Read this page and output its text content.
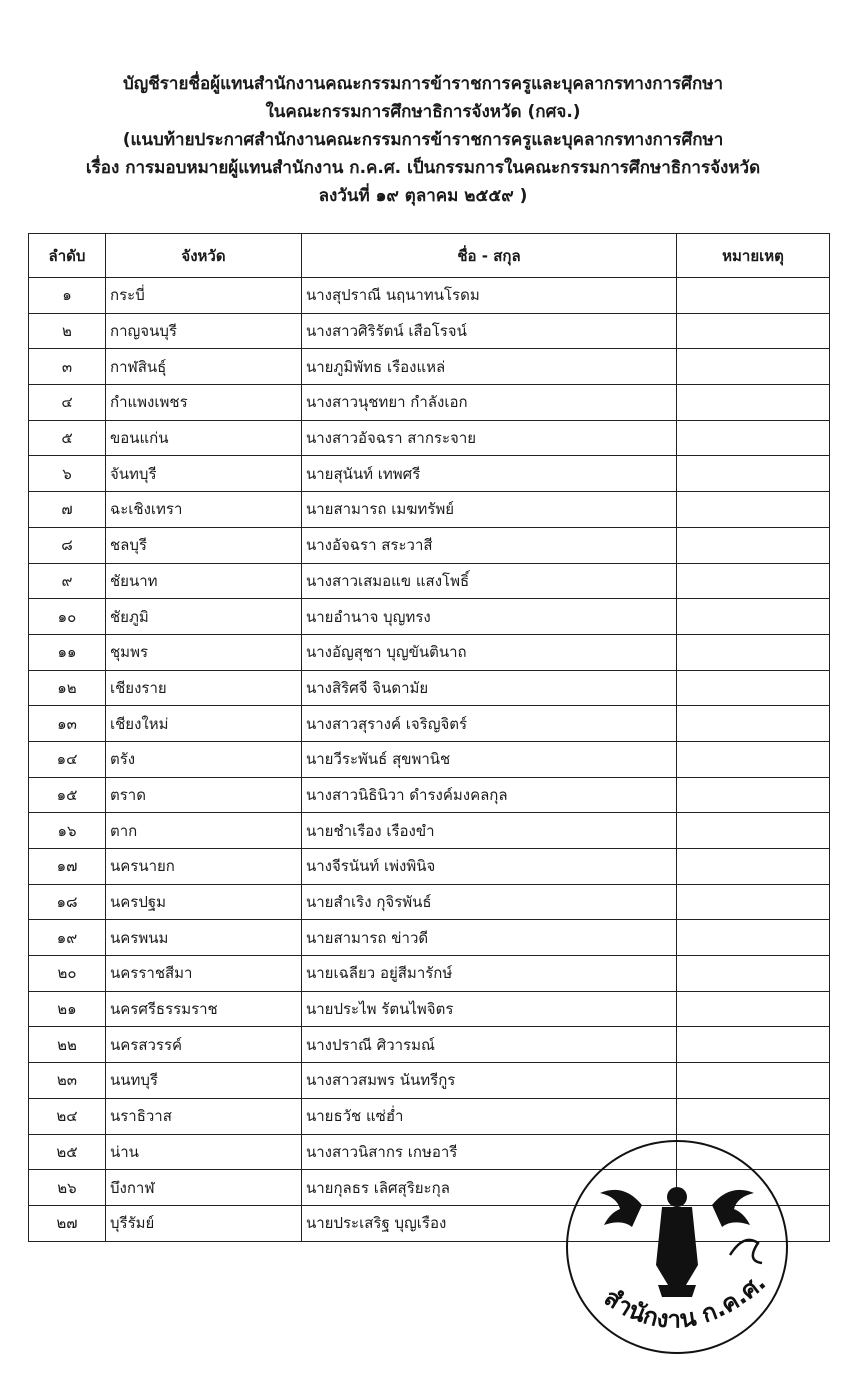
บัญชีรายชื่อผู้แทนสำนักงานคณะกรรมการข้าราชการครูและบุคลากรทางการศึกษา
ในคณะกรรมการศึกษาธิการจังหวัด (กศจ.)
(แนบท้ายประกาศสำนักงานคณะกรรมการข้าราชการครูและบุคลากรทางการศึกษา
เรื่อง การมอบหมายผู้แทนสำนักงาน ก.ค.ศ. เป็นกรรมการในคณะกรรมการศึกษาธิการจังหวัด
ลงวันที่ ๑๙ ตุลาคม ๒๕๕๙ )
ลำดับ	จังหวัด	ชื่อ - สกุล	หมายเหตุ
๑	กระบี่	นางสุปราณี นฤนาทนโรดม	
๒	กาญจนบุรี	นางสาวศิริรัตน์ เสือโรจน์	
๓	กาฬสินธุ์	นายภูมิพัทธ เรืองแหล่	
๔	กำแพงเพชร	นางสาวนุชทยา กำลังเอก	
๕	ขอนแก่น	นางสาวอัจฉรา สากระจาย	
๖	จันทบุรี	นายสุนันท์ เทพศรี	
๗	ฉะเชิงเทรา	นายสามารถ เมฆทรัพย์	
๘	ชลบุรี	นางอัจฉรา สระวาสี	
๙	ชัยนาท	นางสาวเสมอแข แสงโพธิ์	
๑๐	ชัยภูมิ	นายอำนาจ บุญทรง	
๑๑	ชุมพร	นางอัญสุชา บุญขันตินาถ	
๑๒	เชียงราย	นางสิริศจี จินดามัย	
๑๓	เชียงใหม่	นางสาวสุรางค์ เจริญจิตร์	
๑๔	ตรัง	นายวีระพันธ์ สุขพานิช	
๑๕	ตราด	นางสาวนิธินิวา ดำรงค์มงคลกุล	
๑๖	ตาก	นายชำเรือง เรืองขำ	
๑๗	นครนายก	นางจีรนันท์ เพ่งพินิจ	
๑๘	นครปฐม	นายสำเริง กุจิรพันธ์	
๑๙	นครพนม	นายสามารถ ข่าวดี	
๒๐	นครราชสีมา	นายเฉลียว อยู่สีมารักษ์	
๒๑	นครศรีธรรมราช	นายประไพ รัตนไพจิตร	
๒๒	นครสวรรค์	นางปราณี ศิวารมณ์	
๒๓	นนทบุรี	นางสาวสมพร นันทรีกูร	
๒๔	นราธิวาส	นายธวัช แซ่ฮ่ำ	
๒๕	น่าน	นางสาวนิสากร เกษอารี	
๒๖	บึงกาฬ	นายกุลธร เลิศสุริยะกุล	
๒๗	บุรีรัมย์	นายประเสริฐ บุญเรือง	
สำนักงาน ก.ค.ศ.
